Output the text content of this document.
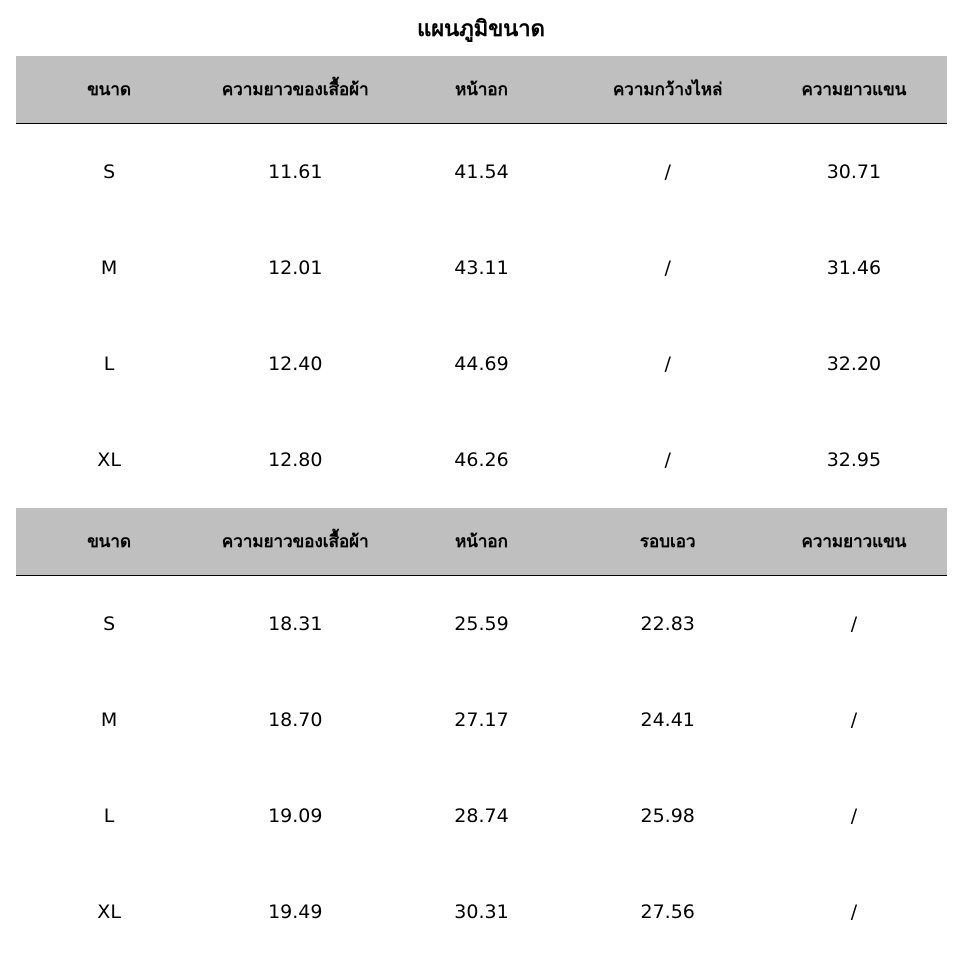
แผนภูมิขนาด
ขนาด	ความยาวของเสื้อผ้า	หน้าอก	ความกว้างไหล่	ความยาวแขน
S	11.61	41.54	/	30.71
M	12.01	43.11	/	31.46
L	12.40	44.69	/	32.20
XL	12.80	46.26	/	32.95
ขนาด	ความยาวของเสื้อผ้า	หน้าอก	รอบเอว	ความยาวแขน
S	18.31	25.59	22.83	/
M	18.70	27.17	24.41	/
L	19.09	28.74	25.98	/
XL	19.49	30.31	27.56	/
